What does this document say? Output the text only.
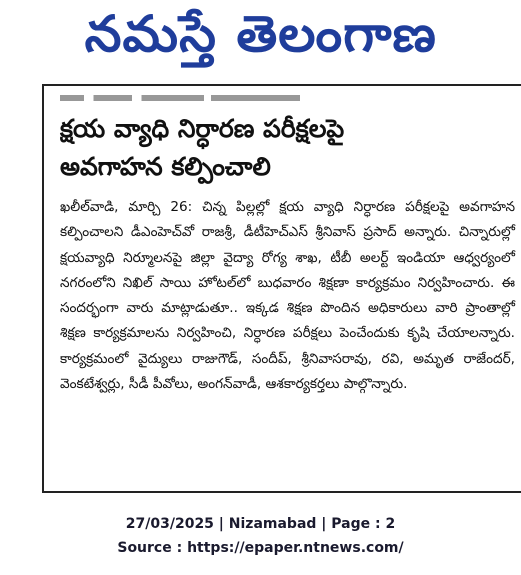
నమస్తే తెలంగాణ
క్షయ వ్యాధి నిర్ధారణ పరీక్షలపై
అవగాహన కల్పించాలి
ఖలీల్‌వాడి, మార్చి 26: చిన్న పిల్లల్లో క్షయ వ్యాధి నిర్ధారణ పరీక్షలపై అవగాహన కల్పించాలని డీఎంహెచ్‌వో రాజశ్రీ, డీటీహెచ్‌ఎస్ శ్రీనివాస్ ప్రసాద్ అన్నారు. చిన్నారుల్లో క్షయవ్యాధి నిర్మూలనపై జిల్లా వైద్యా రోగ్య శాఖ, టీబీ అలర్ట్ ఇండియా ఆధ్వర్యంలో నగరంలోని నిఖిల్ సాయి హోటల్‌లో బుధవారం శిక్షణా కార్యక్రమం నిర్వహించారు. ఈ సందర్భంగా వారు మాట్లాడుతూ.. ఇక్కడ శిక్షణ పొందిన అధికారులు వారి ప్రాంతాల్లో శిక్షణ కార్యక్రమాలను నిర్వహించి, నిర్ధారణ పరీక్షలు పెంచేందుకు కృషి చేయాలన్నారు. కార్యక్రమంలో వైద్యులు రాజుగౌడ్, సందీప్, శ్రీనివాసరావు, రవి, అమృత రాజేందర్, వెంకటేశ్వర్లు, సీడీ పీవోలు, అంగన్‌వాడీ, ఆశకార్యకర్తలు పాల్గొన్నారు.
27/03/2025 | Nizamabad | Page : 2
Source : https://epaper.ntnews.com/
